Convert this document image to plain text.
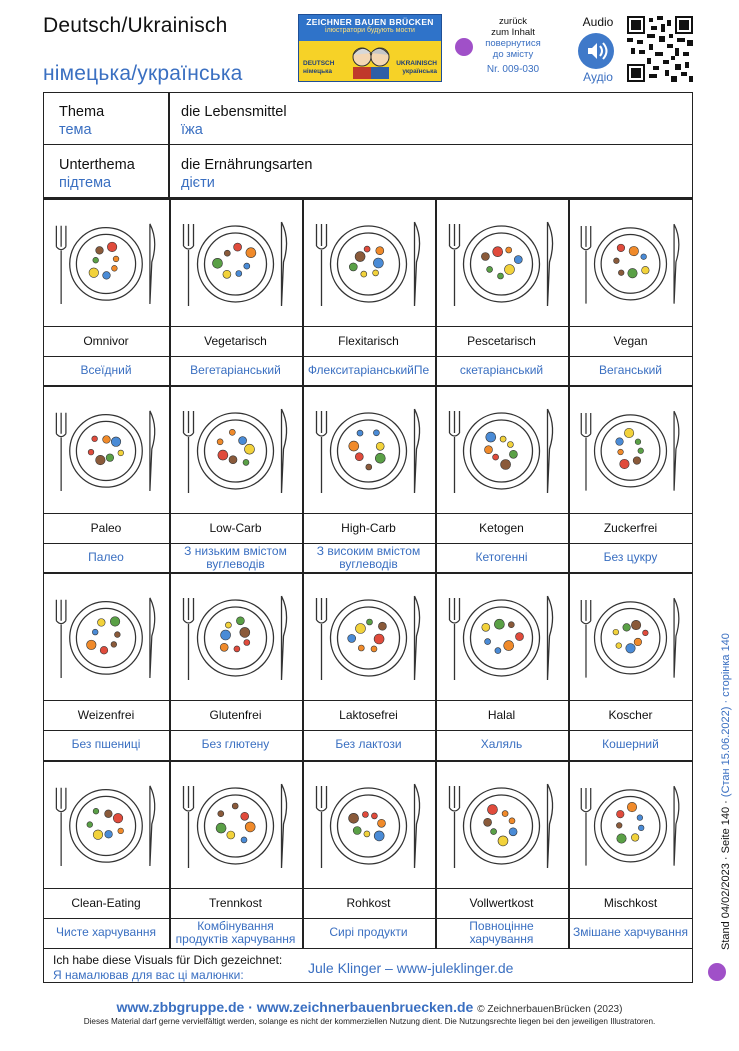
Deutsch/Ukrainisch
німецька/українська
ZEICHNER BAUEN BRÜCKEN
ілюстратори будують мости
DEUTSCH
німецька
UKRAINISCH
українська
zurück
zum Inhalt
повернутися
до змісту
Nr. 009-030
Audio
Аудіо
Thema
тема
die Lebensmittel
їжа
Unterthema
підтема
die Ernährungsarten
дієти
Omnivor
Всеїдний
Vegetarisch
Вегетаріанський
Flexitarisch
ФлекситаріанськийПе
Pescetarisch
скетаріанський
Vegan
Веганський
Paleo
Палео
Low-Carb
З низьким вмістом вуглеводів
High-Carb
З високим вмістом вуглеводів
Ketogen
Кетогенні
Zuckerfrei
Без цукру
Weizenfrei
Без пшениці
Glutenfrei
Без глютену
Laktosefrei
Без лактози
Halal
Халяль
Koscher
Кошерний
Clean-Eating
Чисте харчування
Trennkost
Комбінування продуктів харчування
Rohkost
Сирі продукти
Vollwertkost
Повноцінне харчування
Mischkost
Змішане харчування
Ich habe diese Visuals für Dich gezeichnet:
Я намалював для вас ці малюнки:	Jule Klinger – www-juleklinger.de
www.zbbgruppe.de · www.zeichnerbauenbruecken.de © ZeichnerbauenBrücken (2023)
Dieses Material darf gerne vervielfältigt werden, solange es nicht der kommerziellen Nutzung dient. Die Nutzungsrechte liegen bei den jeweiligen Illustratoren.
Stand 04/02/2023 · Seite 140 · (Стан 15.06.2022) · сторінка 140
